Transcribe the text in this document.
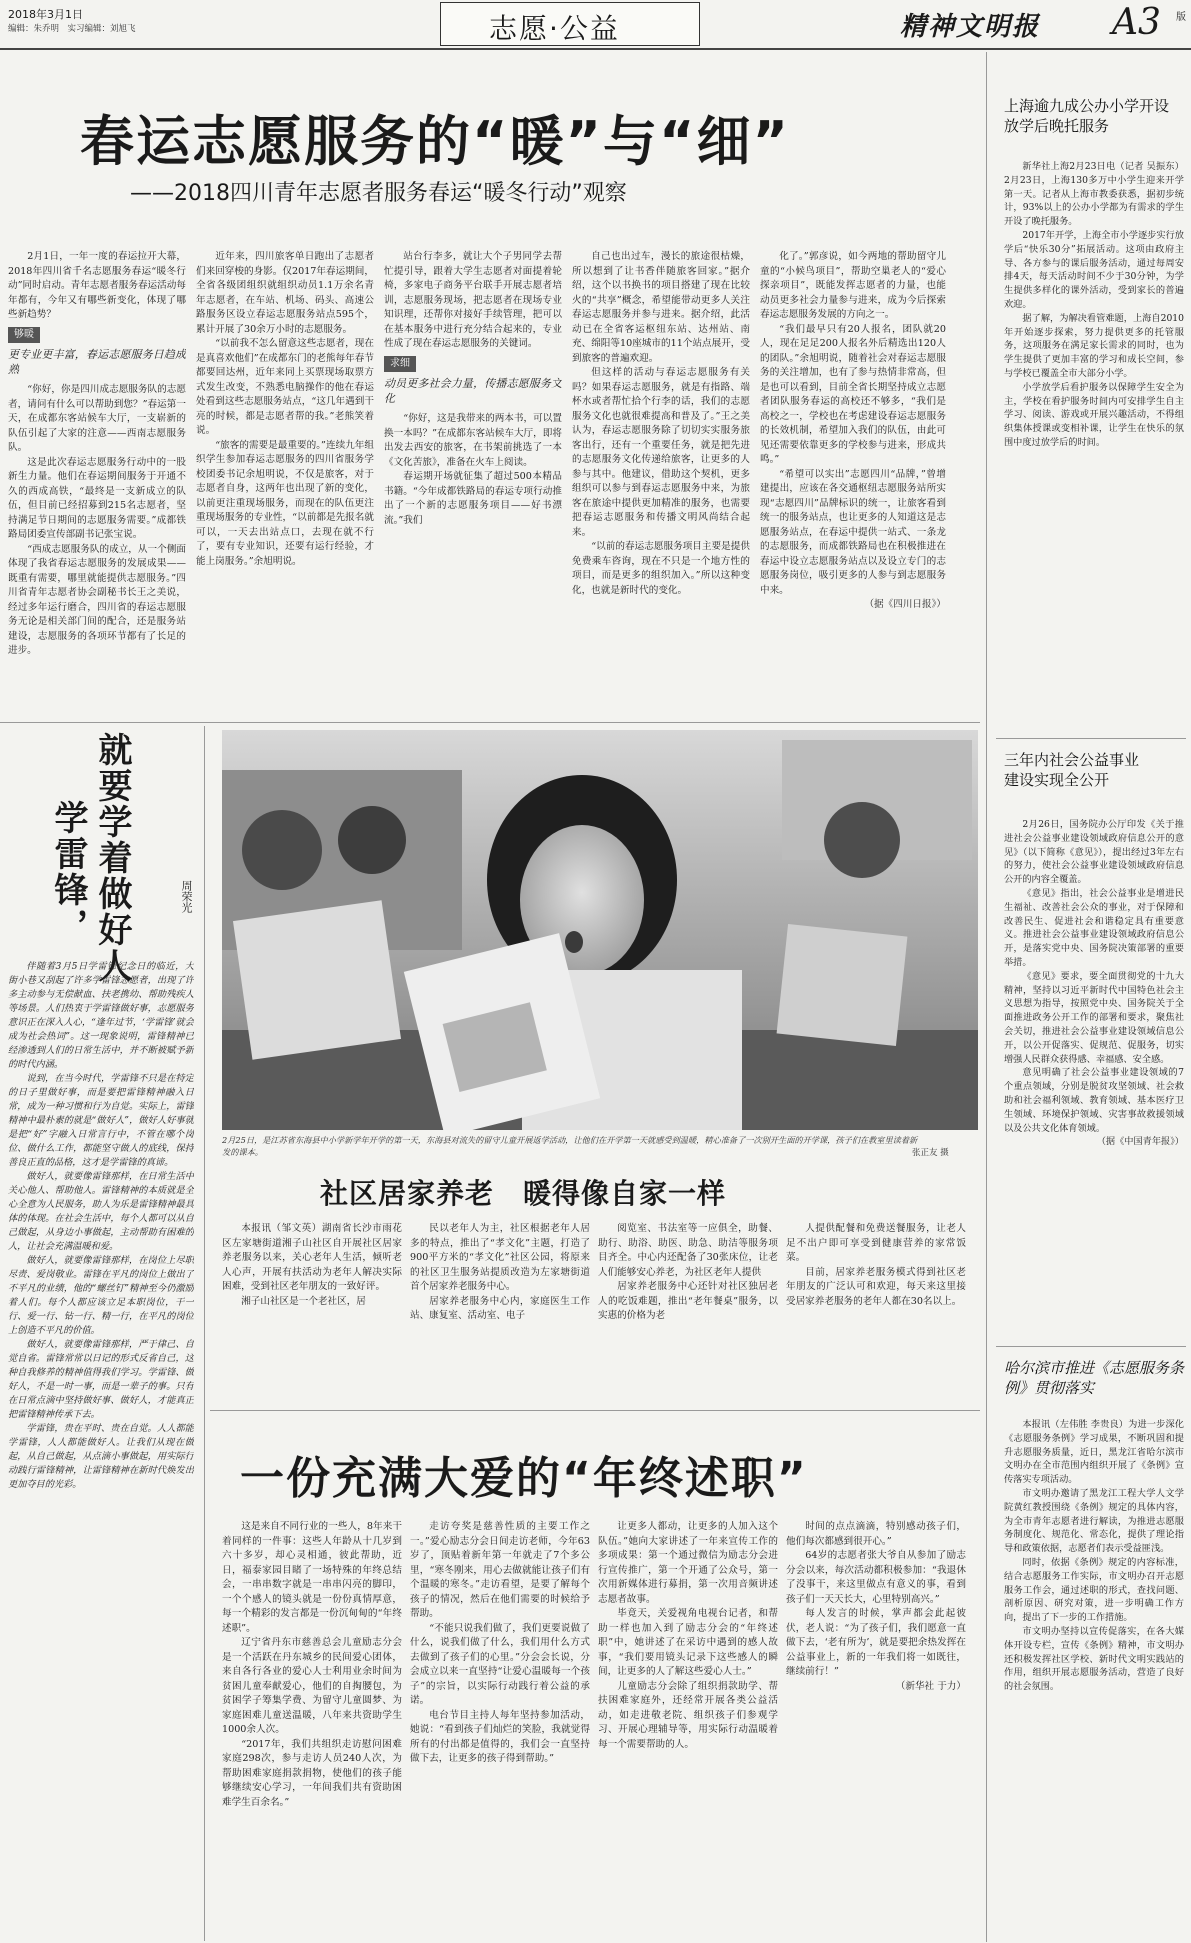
2018年3月1日
编辑：朱乔明　实习编辑：刘旭飞	志愿·公益	精神文明报 A3 版
春运志愿服务的“暖”与“细”
——2018四川青年志愿者服务春运“暖冬行动”观察

2月1日，一年一度的春运拉开大幕，2018年四川省千名志愿服务春运“暖冬行动”同时启动。青年志愿者服务春运活动每年都有，今年又有哪些新变化，体现了哪些新趋势？

够暖
更专业更丰富，春运志愿服务日趋成熟

“你好，你是四川成志愿服务队的志愿者，请问有什么可以帮助到您？”春运第一天，在成都东客站候车大厅，一支崭新的队伍引起了大家的注意——西南志愿服务队。

这是此次春运志愿服务行动中的一股新生力量。他们在春运期间服务于开通不久的西成高铁，“最终是一支新成立的队伍，但目前已经招募到215名志愿者，坚持满足节日期间的志愿服务需要。”成都铁路局团委宣传部副书记张宝说。

“西成志愿服务队的成立，从一个侧面体现了我省春运志愿服务的发展成果——既重有需要，哪里就能提供志愿服务。”四川省青年志愿者协会副秘书长王之美说，经过多年运行磨合，四川省的春运志愿服务无论是相关部门间的配合，还是服务站建设，志愿服务的各项环节都有了长足的进步。

近年来，四川旅客单日跑出了志愿者们来回穿梭的身影。仅2017年春运期间，全省各级团组织就组织动员1.1万余名青年志愿者，在车站、机场、码头、高速公路服务区设立春运志愿服务站点595个，累计开展了30余万小时的志愿服务。

“以前我不怎么留意这些志愿者，现在是真喜欢他们”在成都东门的老熊每年春节都要回达州，近年来同上买票现场取票方式发生改变，不熟悉电脑操作的他在春运处看到这些志愿服务站点，“这几年遇到干亮的时候，都是志愿者帮的我。”老熊笑着说。

“旅客的需要是最重要的。”连续九年组织学生参加春运志愿服务的四川省服务学校团委书记余旭明说，不仅是旅客，对于志愿者自身，这两年也出现了新的变化，以前更注重现场服务，而现在的队伍更注重现场服务的专业性，“以前都是先报名就可以，一天去出站点口，去现在就不行了，要有专业知识，还要有运行经验，才能上岗服务。”余旭明说。

站台行李多，就让大个子男同学去帮忙提引导，跟着大学生志愿者对面提着轮椅，多家电子商务平台联手开展志愿者培训，志愿服务现场，把志愿者在现场专业知识理，还帮你对接好手续管理，把可以在基本服务中进行充分结合起来的，专业性成了现在春运志愿服务的关键词。

求细
动员更多社会力量，传播志愿服务文化

“你好，这是我带来的两本书，可以置换一本吗？”在成都东客站候车大厅，即将出发去西安的旅客，在书架前挑选了一本《文化苦旅》，准备在火车上阅读。

春运期开场就征集了超过500本精品书籍。“今年成都铁路局的春运专项行动推出了一个新的志愿服务项目——好书漂流。”我们

自己也出过车，漫长的旅途很枯燥，所以想到了让书香伴随旅客回家。”据介绍，这个以书换书的项目搭建了现在比较火的“共享”概念，希望能带动更多人关注春运志愿服务并参与进来。据介绍，此活动已在全省客运枢纽东站、达州站、南充、绵阳等10座城市的11个站点展开，受到旅客的普遍欢迎。

但这样的活动与春运志愿服务有关吗？如果春运志愿服务，就是有指路、端杯水或者帮忙拾个行李的话，我们的志愿服务文化也就很难提高和普及了。”王之美认为，春运志愿服务除了切切实实服务旅客出行，还有一个重要任务，就是把先进的志愿服务文化传递给旅客，让更多的人参与其中。他建议，借助这个契机，更多组织可以参与到春运志愿服务中来，为旅客在旅途中提供更加精准的服务，也需要把春运志愿服务和传播文明风尚结合起来。

“以前的春运志愿服务项目主要是提供免费乘车咨询，现在不只是一个地方性的项目，而是更多的组织加入。”所以这种变化，也就是新时代的变化。

化了。”郭彦说，如今两地的帮助留守儿童的“小候鸟项目”，帮助空巢老人的“爱心探亲项目”，既能发挥志愿者的力量，也能动员更多社会力量参与进来，成为今后探索春运志愿服务发展的方向之一。

“我们最早只有20人报名，团队就20人，现在足足200人报名外后精选出120人的团队。”余旭明说，随着社会对春运志愿服务的关注增加，也有了参与热情非常高，但是也可以看到，目前全省长期坚持成立志愿者团队服务春运的高校还不够多，“我们是高校之一，学校也在考虑建设春运志愿服务的长效机制，希望加入我们的队伍，由此可见还需要依靠更多的学校参与进来，形成共鸣。”

“希望可以实出”志愿四川“品牌，”曾增建提出，应该在各交通枢纽志愿服务站所实现“志愿四川”品牌标识的统一，让旅客看到统一的服务站点，也让更多的人知道这是志愿服务站点，在春运中提供一站式、一条龙的志愿服务，而成都铁路局也在积极推进在春运中设立志愿服务站点以及设立专门的志愿服务岗位，吸引更多的人参与到志愿服务中来。

（据《四川日报》）
就要学着做好人
学雷锋，	周荣光

伴随着3月5日学雷锋纪念日的临近，大街小巷又刮起了许多学雷锋志愿者，出现了许多主动参与无偿献血、扶老携幼、帮助残疾人等场景。人们热衷于学雷锋做好事，志愿服务意识正在深入人心，“逢年过节，‘学雷锋’就会成为社会热词”。这一现象说明，雷锋精神已经渗透到人们的日常生活中，并不断被赋予新的时代内涵。

说到，在当今时代，学雷锋不只是在特定的日子里做好事，而是要把雷锋精神融入日常，成为一种习惯和行为自觉。实际上，雷锋精神中最朴素的就是“做好人”，做好人好事就是把“好”字融入日常言行中，不管在哪个岗位、做什么工作，都能坚守做人的底线，保持善良正直的品格，这才是学雷锋的真谛。

做好人，就要像雷锋那样，在日常生活中关心他人、帮助他人。雷锋精神的本质就是全心全意为人民服务，助人为乐是雷锋精神最具体的体现。在社会生活中，每个人都可以从自己做起，从身边小事做起，主动帮助有困难的人，让社会充满温暖和爱。

做好人，就要像雷锋那样，在岗位上尽职尽责、爱岗敬业。雷锋在平凡的岗位上做出了不平凡的业绩，他的“螺丝钉”精神至今仍激励着人们。每个人都应该立足本职岗位，干一行、爱一行、钻一行、精一行，在平凡的岗位上创造不平凡的价值。

做好人，就要像雷锋那样，严于律己、自觉自省。雷锋常常以日记的形式反省自己，这种自我修养的精神值得我们学习。学雷锋、做好人，不是一时一事，而是一辈子的事。只有在日常点滴中坚持做好事、做好人，才能真正把雷锋精神传承下去。

学雷锋，贵在平时、贵在自觉。人人都能学雷锋，人人都能做好人。让我们从现在做起，从自己做起，从点滴小事做起，用实际行动践行雷锋精神，让雷锋精神在新时代焕发出更加夺目的光彩。

2月25日，是江苏省东海县中小学新学年开学的第一天，东海县对流失的留守儿童开展返学活动，让他们在开学第一天就感受到温暖，精心准备了一次别开生面的开学课，孩子们在教室里读着新发的课本。	张正友 摄
社区居家养老　暖得像自家一样

本报讯（邹文英）湖南省长沙市雨花区左家塘街道湘子山社区自开展社区居家养老服务以来，关心老年人生活，倾听老人心声，开展有扶活动为老年人解决实际困难，受到社区老年朋友的一致好评。

湘子山社区是一个老社区，居

民以老年人为主，社区根据老年人居多的特点，推出了“孝文化”主题，打造了900平方米的“孝文化”社区公园，将原来的社区卫生服务站提质改造为左家塘街道首个居家养老服务中心。

居家养老服务中心内，家庭医生工作站、康复室、活动室、电子

阅览室、书法室等一应俱全，助餐、助行、助浴、助医、助急、助洁等服务项目齐全。中心内还配备了30张床位，让老人们能够安心养老，为社区老年人提供

居家养老服务中心还针对社区独居老人的吃饭难题，推出“老年餐桌”服务，以实惠的价格为老

人提供配餐和免费送餐服务，让老人足不出户即可享受到健康营养的家常饭菜。

目前，居家养老服务模式得到社区老年朋友的广泛认可和欢迎，每天来这里接受居家养老服务的老年人都在30名以上。

一份充满大爱的“年终述职”

这是来自不同行业的一些人，8年来干着同样的一件事：这些人年龄从十几岁到六十多岁，却心灵相通，彼此帮助，近日，福泰家园目睹了一场特殊的年终总结会，一串串数字就是一串串闪亮的脚印，一个个感人的镜头就是一份份真情厚意，每一个精彩的发言都是一份沉甸甸的“年终述职”。

辽宁省丹东市慈善总会儿童励志分会是一个活跃在丹东城乡的民间爱心团体，来自各行各业的爱心人士利用业余时间为贫困儿童奉献爱心，他们的自掏腰包，为贫困学子筹集学费、为留守儿童圆梦、为家庭困难儿童送温暖，八年来共资助学生1000余人次。

“2017年，我们共组织走访慰问困难家庭298次，参与走访人员240人次，为帮助困难家庭捐款捐物，使他们的孩子能够继续安心学习，一年间我们共有资助困难学生百余名。”

走访夸奖是慈善性质的主要工作之一。”爱心励志分会日间走访老师，今年63岁了，顶贴着新年第一年就走了7个多公里，“寒冬刚来，用心去做就能让孩子们有个温暖的寒冬。”走访看望，是要了解每个孩子的情况，然后在他们需要的时候给予帮助。

“不能只说我们做了，我们更要说做了什么，说我们做了什么，我们用什么方式去做到了孩子们的心里。”分会会长说，分会成立以来一直坚持“让爱心温暖每一个孩子”的宗旨，以实际行动践行着公益的承诺。

电台节目主持人每年坚持参加活动，她说：“看到孩子们灿烂的笑脸，我就觉得所有的付出都是值得的，我们会一直坚持做下去，让更多的孩子得到帮助。”

让更多人都动，让更多的人加入这个队伍。”她向大家讲述了一年来宣传工作的多项成果：第一个通过微信为励志分会进行宣传推广，第一个开通了公众号，第一次用新媒体进行募捐，第一次用音频讲述志愿者故事。

毕竟天，关爱视角电视台记者，和帮助一样也加入到了励志分会的“年终述职”中，她讲述了在采访中遇到的感人故事，“我们要用镜头记录下这些感人的瞬间，让更多的人了解这些爱心人士。”

儿童励志分会除了组织捐款助学、帮扶困难家庭外，还经常开展各类公益活动，如走进敬老院、组织孩子们参观学习、开展心理辅导等，用实际行动温暖着每一个需要帮助的人。

时间的点点滴滴，特别感动孩子们，他们每次都感到很开心。”

64岁的志愿者张大爷自从参加了励志分会以来，每次活动都积极参加：“我退休了没事干，来这里做点有意义的事，看到孩子们一天天长大，心里特别高兴。”

每人发言的时候，掌声都会此起彼伏，老人说：“为了孩子们，我们愿意一直做下去，‘老有所为’，就是要把余热发挥在公益事业上，新的一年我们将一如既往，继续前行！”

（新华社 于力）
上海逾九成公办小学开设放学后晚托服务

新华社上海2月23日电（记者 吴振东）2月23日，上海130多万中小学生迎来开学第一天。记者从上海市教委获悉，据初步统计，93%以上的公办小学都为有需求的学生开设了晚托服务。

2017年开学，上海全市小学逐步实行放学后“快乐30分”拓展活动。这项由政府主导、各方参与的课后服务活动，通过每周安排4天，每天活动时间不少于30分钟，为学生提供多样化的课外活动，受到家长的普遍欢迎。

据了解，为解决看管难题，上海自2010年开始逐步探索，努力提供更多的托管服务，这项服务在满足家长需求的同时，也为学生提供了更加丰富的学习和成长空间，参与学校已覆盖全市大部分小学。

小学放学后看护服务以保障学生安全为主，学校在看护服务时间内可安排学生自主学习、阅读、游戏或开展兴趣活动，不得组织集体授课或变相补课，让学生在快乐的氛围中度过放学后的时间。

三年内社会公益事业建设实现全公开

2月26日，国务院办公厅印发《关于推进社会公益事业建设领域政府信息公开的意见》（以下简称《意见》），提出经过3年左右的努力，使社会公益事业建设领域政府信息公开的内容全覆盖。

《意见》指出，社会公益事业是增进民生福祉、改善社会公众的事业，对于保障和改善民生、促进社会和谐稳定具有重要意义。推进社会公益事业建设领域政府信息公开，是落实党中央、国务院决策部署的重要举措。

《意见》要求，要全面贯彻党的十九大精神，坚持以习近平新时代中国特色社会主义思想为指导，按照党中央、国务院关于全面推进政务公开工作的部署和要求，聚焦社会关切，推进社会公益事业建设领域信息公开，以公开促落实、促规范、促服务，切实增强人民群众获得感、幸福感、安全感。

意见明确了社会公益事业建设领域的7个重点领域，分别是脱贫攻坚领域、社会救助和社会福利领域、教育领域、基本医疗卫生领域、环境保护领域、灾害事故救援领域以及公共文化体育领域。

（据《中国青年报》）
哈尔滨市推进《志愿服务条例》贯彻落实

本报讯（左伟胜 李贵良）为进一步深化《志愿服务条例》学习成果，不断巩固和提升志愿服务质量，近日，黑龙江省哈尔滨市文明办在全市范围内组织开展了《条例》宣传落实专项活动。

市文明办邀请了黑龙江工程大学人文学院黄红教授围绕《条例》规定的具体内容，为全市青年志愿者进行解读，为推进志愿服务制度化、规范化、常态化，提供了理论指导和政策依据，志愿者们表示受益匪浅。

同时，依据《条例》规定的内容标准，结合志愿服务工作实际，市文明办召开志愿服务工作会，通过述职的形式，查找问题、剖析原因、研究对策，进一步明确工作方向，提出了下一步的工作措施。

市文明办坚持以宣传促落实，在各大媒体开设专栏，宣传《条例》精神，市文明办还积极发挥社区学校、新时代文明实践站的作用，组织开展志愿服务活动，营造了良好的社会氛围。
